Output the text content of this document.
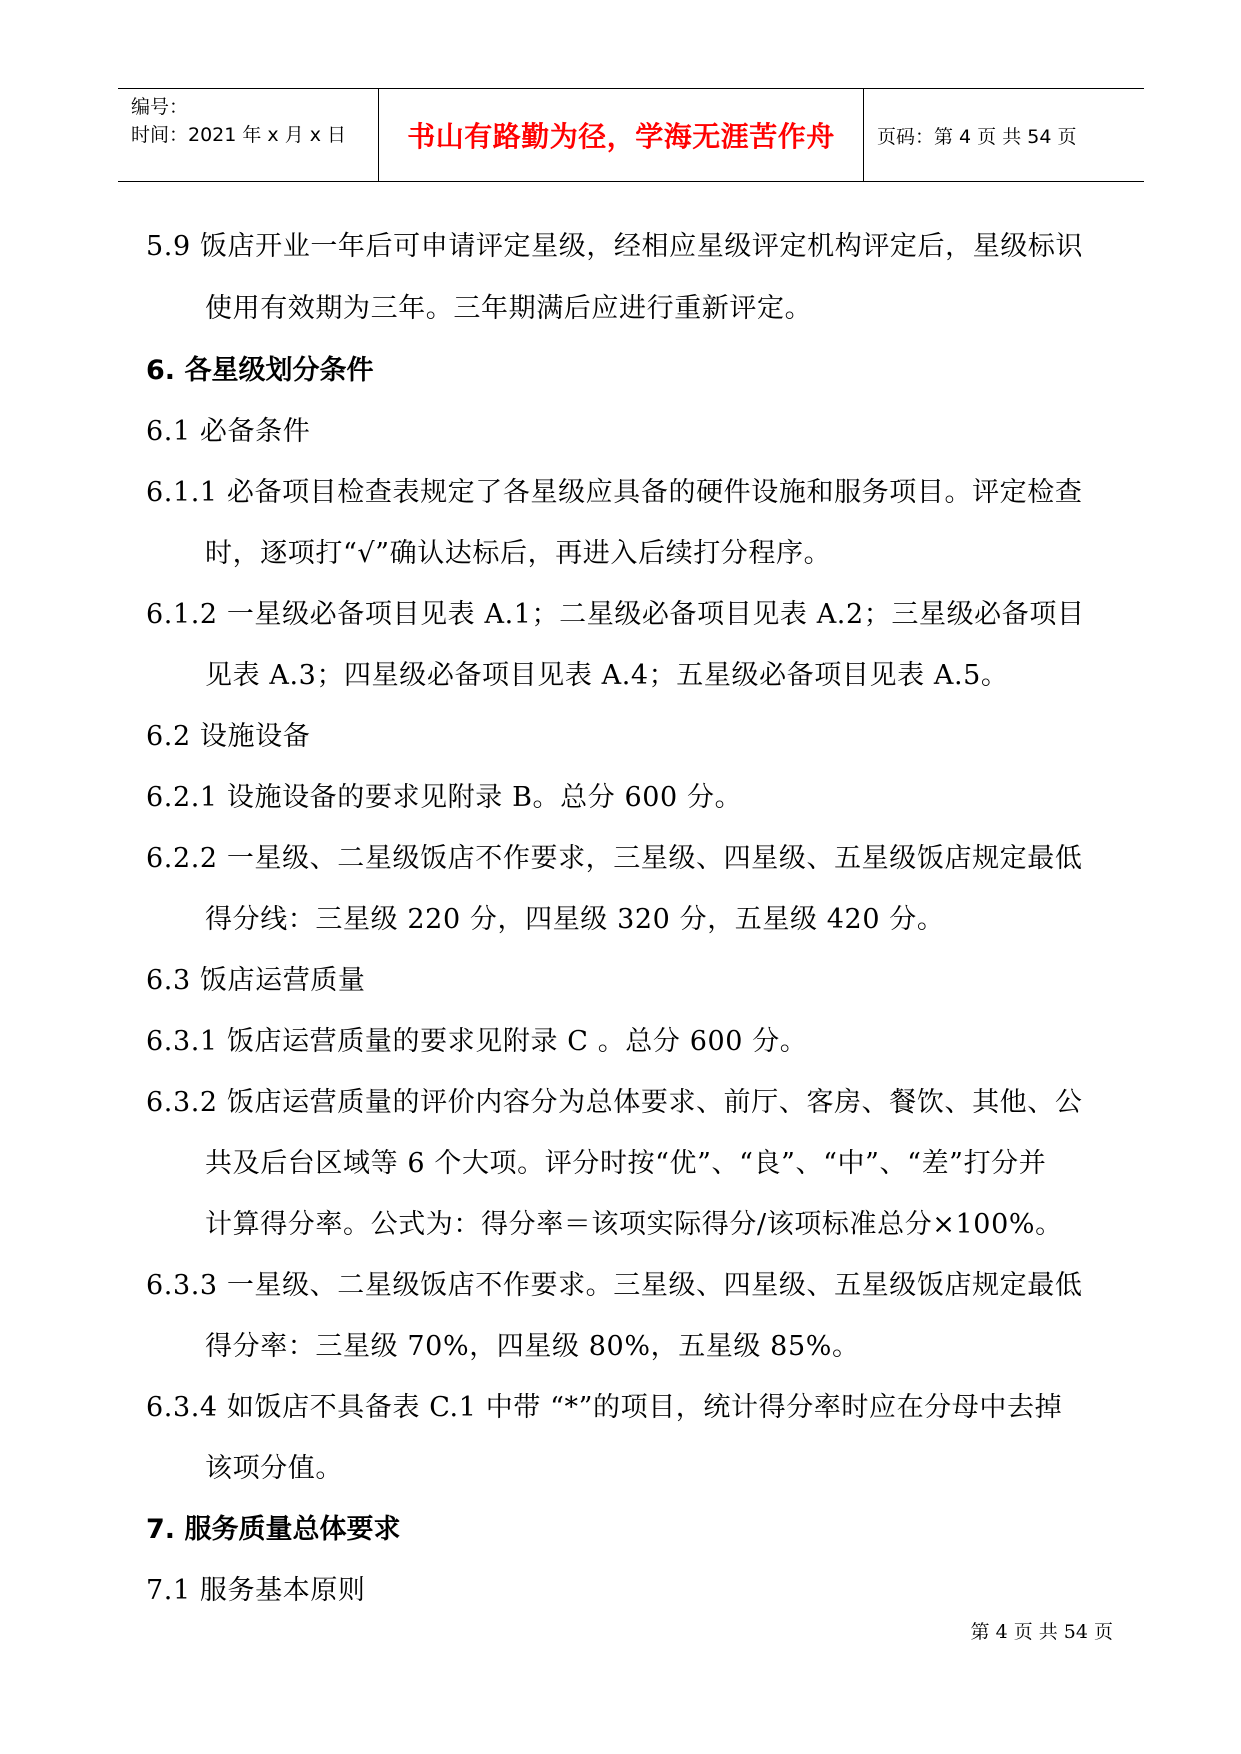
编号：
时间：2021 年 x 月 x 日	书山有路勤为径，学海无涯苦作舟 页码：第 4 页 共 54 页
5.9 饭店开业一年后可申请评定星级，经相应星级评定机构评定后，星级标识
使用有效期为三年。三年期满后应进行重新评定。
6. 各星级划分条件
6.1 必备条件
6.1.1 必备项目检查表规定了各星级应具备的硬件设施和服务项目。评定检查
时，逐项打“√”确认达标后，再进入后续打分程序。
6.1.2 一星级必备项目见表 A.1；二星级必备项目见表 A.2；三星级必备项目
见表 A.3；四星级必备项目见表 A.4；五星级必备项目见表 A.5。
6.2 设施设备
6.2.1 设施设备的要求见附录 B。总分 600 分。
6.2.2 一星级、二星级饭店不作要求，三星级、四星级、五星级饭店规定最低
得分线：三星级 220 分，四星级 320 分，五星级 420 分。
6.3 饭店运营质量
6.3.1 饭店运营质量的要求见附录 C 。总分 600 分。
6.3.2 饭店运营质量的评价内容分为总体要求、前厅、客房、餐饮、其他、公
共及后台区域等 6 个大项。评分时按“优”、“良”、“中”、“差”打分并
计算得分率。公式为：得分率＝该项实际得分/该项标准总分×100%。
6.3.3 一星级、二星级饭店不作要求。三星级、四星级、五星级饭店规定最低
得分率：三星级 70%，四星级 80%，五星级 85%。
6.3.4 如饭店不具备表 C.1 中带 “*”的项目，统计得分率时应在分母中去掉
该项分值。
7. 服务质量总体要求
7.1 服务基本原则
第 4 页 共 54 页
